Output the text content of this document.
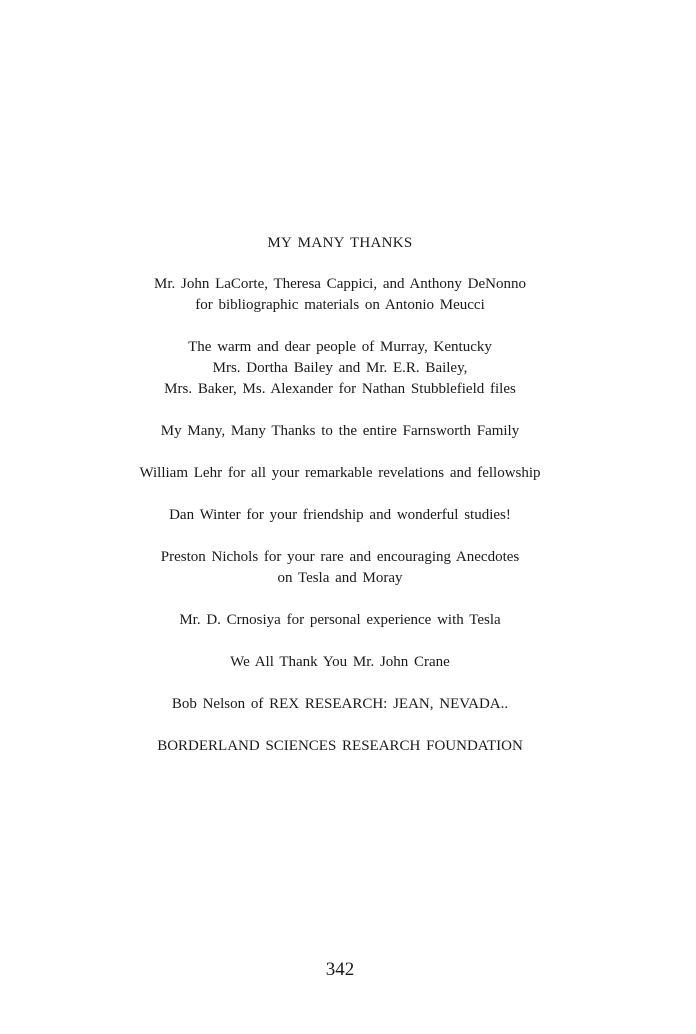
MY MANY THANKS
Mr. John LaCorte, Theresa Cappici, and Anthony DeNonno
for bibliographic materials on Antonio Meucci
The warm and dear people of Murray, Kentucky
Mrs. Dortha Bailey and Mr. E.R. Bailey,
Mrs. Baker, Ms. Alexander for Nathan Stubblefield files
My Many, Many Thanks to the entire Farnsworth Family
William Lehr for all your remarkable revelations and fellowship
Dan Winter for your friendship and wonderful studies!
Preston Nichols for your rare and encouraging Anecdotes
on Tesla and Moray
Mr. D. Crnosiya for personal experience with Tesla
We All Thank You Mr. John Crane
Bob Nelson of REX RESEARCH: JEAN, NEVADA..
BORDERLAND SCIENCES RESEARCH FOUNDATION
342
